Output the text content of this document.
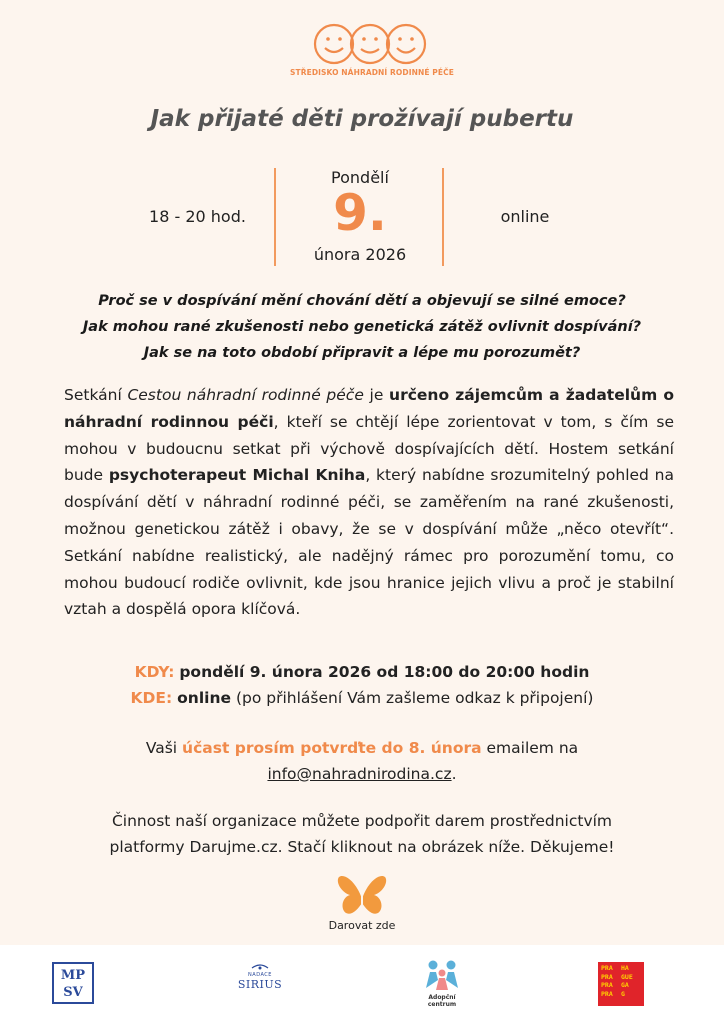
STŘEDISKO NÁHRADNÍ RODINNÉ PÉČE
Jak přijaté děti prožívají pubertu
18 - 20 hod.
Pondělí
9.
února 2026
online
Proč se v dospívání mění chování dětí a objevují se silné emoce?
Jak mohou rané zkušenosti nebo genetická zátěž ovlivnit dospívání?
Jak se na toto období připravit a lépe mu porozumět?
Setkání Cestou náhradní rodinné péče je určeno zájemcům a žadatelům o náhradní rodinnou péči, kteří se chtějí lépe zorientovat v tom, s čím se mohou v budoucnu setkat při výchově dospívajících dětí. Hostem setkání bude psychoterapeut Michal Kniha, který nabídne srozumitelný pohled na dospívání dětí v náhradní rodinné péči, se zaměřením na rané zkušenosti, možnou genetickou zátěž i obavy, že se v dospívání může „něco otevřít“. Setkání nabídne realistický, ale nadějný rámec pro porozumění tomu, co mohou budoucí rodiče ovlivnit, kde jsou hranice jejich vlivu a proč je stabilní vztah a dospělá opora klíčová.
KDY: pondělí 9. února 2026 od 18:00 do 20:00 hodin
KDE: online (po přihlášení Vám zašleme odkaz k připojení)
Vaši účast prosím potvrďte do 8. února emailem na
info@nahradnirodina.cz.
Činnost naší organizace můžete podpořit darem prostřednictvím
platformy Darujme.cz. Stačí kliknout na obrázek níže. Děkujeme!
Darovat zde
MP
SV
NADACE
SIRIUS
Adopční
centrum
PRA	HA
PRA	GUE
PRA	GA
PRA	G
